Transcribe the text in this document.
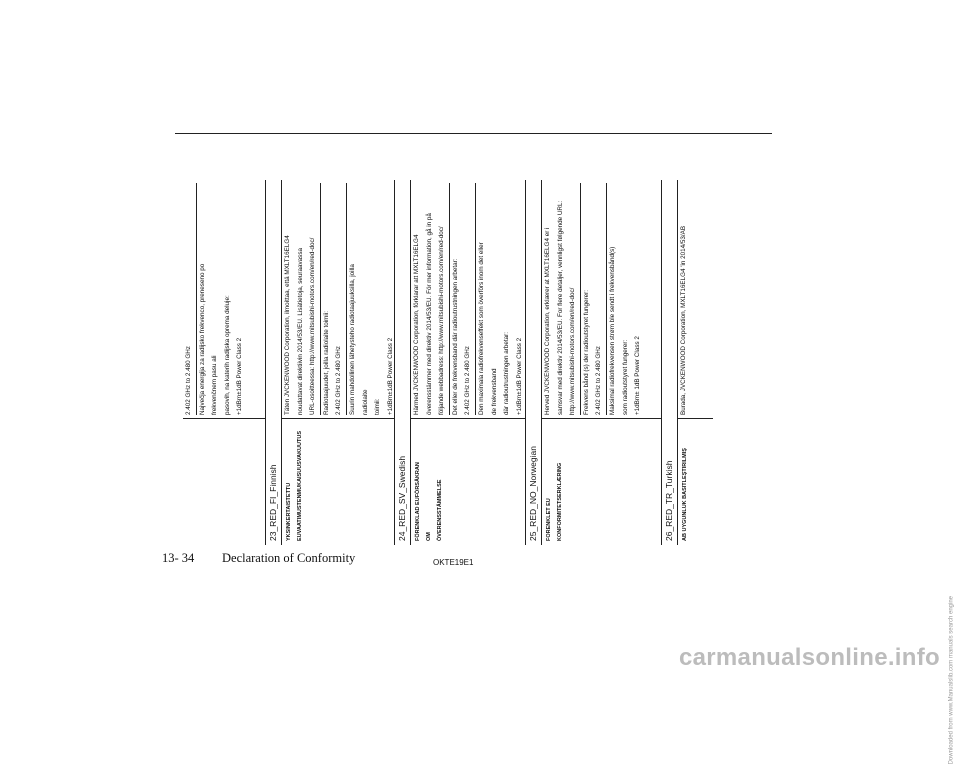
2.402 GHz to 2.480 GHz	Največja energija za radijsko frekvenco, preneseno po frekvenčnem pasu ali pasovih, na katerih radijska oprema deluje: +1dBm±1dB Power Class 2
23_RED_FI_Finnish YKSINKERTAISTETTU EUVAATIMUSTENMUKAISUUSVAKUUTUS
Täten JVCKENWOOD Corporation, ilmoittaa, että MXLT16ELG4 noudattavat direktiivin 2014/53/EU. Lisätietoja, seuraavassa URL-osoitteessa: http://www.mitsubishi-motors.com/en/red-doc/	Radiotaajuudet, joilla radiolaite toimii: 2.402 GHz to 2.480 GHz	Suurin mahdollinen lähetysteho radiotaajuuksilla, joilla radiolaite toimii: +1dBm±1dB Power Class 2
24_RED_SV_Swedish FÖRENKLAD EUFÖRSÄKRAN OM ÖVERENSSTÄMMELSE
Härmed JVCKENWOOD Corporation, förklarar att MXLT16ELG4 överensstämmer med direktiv 2014/53/EU. För mer information, gå in på följande webbadress: http://www.mitsubishi-motors.com/en/red-doc/	Det eller de frekvensband där radioutrustningen arbetar: 2.402 GHz to 2.480 GHz	Den maximala radiofrekvenseffekt som överförs inom det eller de frekvensband där radioutrustningen arbetar: +1dBm±1dB Power Class 2
25_RED_NO_Norwegian FORENKLET EU KONFORMITETSERKLÆRING
Herved JVCKENWOOD Corporation, erklærer at MXLT16ELG4 er i samsvar med direktiv 2014/53/EU. For flere detaljer, vennligst følgende URL: http://www.mitsubishi-motors.com/en/red-doc/	Frekvens bånd (s) der radioutstyret fungerer: 2.402 GHz to 2.480 GHz	Maksimal radiofrekvensen strøm ble sendt i frekvensbånd(s) som radioutstyret fungerer: +1dBm± 1dB Power Class 2
26_RED_TR_Turkish AB UYGUNLUK BASITLEŞTIRILMIŞ
Burada, JVCKENWOOD Corporation, MXLT16ELG4 'in 2014/53/AB
13- 34 Declaration of Conformity	OKTE19E1
Downloaded from www.Manualslib.com manuals search engine
carmanualsonline.info
